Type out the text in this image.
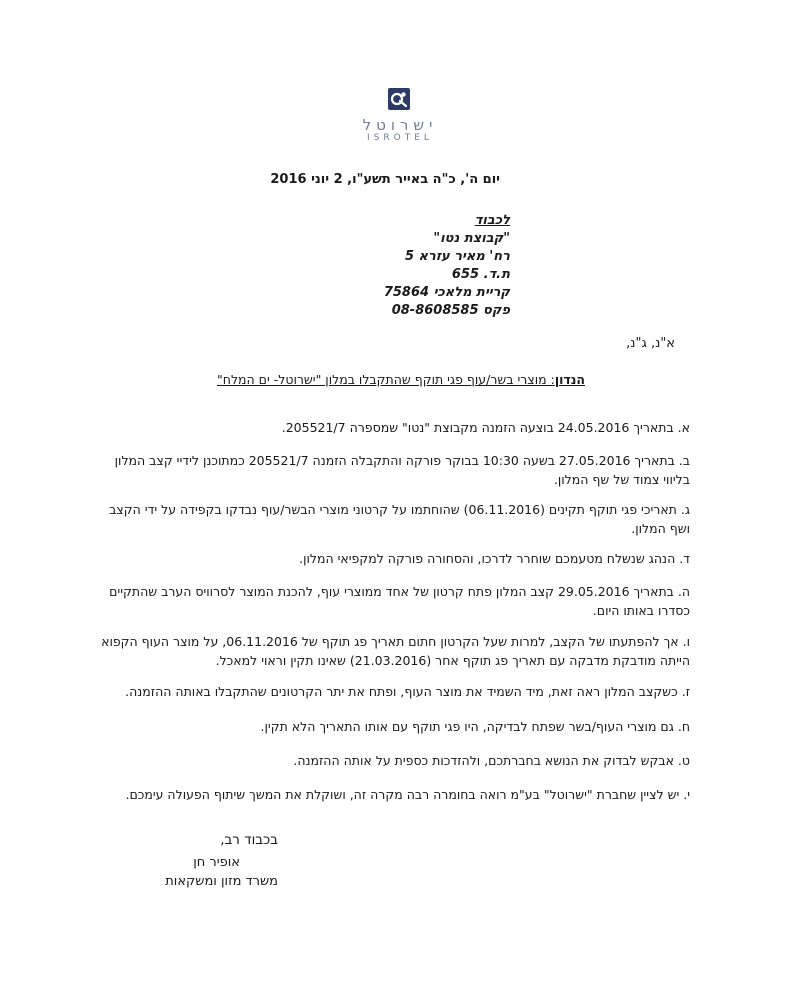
ישרוטל
ISROTEL
יום ה', כ"ה באייר תשע"ו, 2 יוני 2016
לכבוד
"קבוצת נטו"
רח' מאיר עזרא 5
ת.ד. 655
קריית מלאכי 75864
פקס 08-8608585
א"נ, ג"נ,
הנדון: מוצרי בשר/עוף פגי תוקף שהתקבלו במלון "ישרוטל- ים המלח"
א. בתאריך 24.05.2016 בוצעה הזמנה מקבוצת "נטו" שמספרה 205521/7.
ב. בתאריך 27.05.2016 בשעה 10:30 בבוקר פורקה והתקבלה הזמנה 205521/7 כמתוכנן לידיי קצב המלון בליווי צמוד של שף המלון.
ג. תאריכי פגי תוקף תקינים (06.11.2016) שהוחתמו על קרטוני מוצרי הבשר/עוף נבדקו בקפידה על ידי הקצב ושף המלון.
ד. הנהג שנשלח מטעמכם שוחרר לדרכו, והסחורה פורקה למקפיאי המלון.
ה. בתאריך 29.05.2016 קצב המלון פתח קרטון של אחד ממוצרי עוף, להכנת המוצר לסרוויס הערב שהתקיים כסדרו באותו היום.
ו. אך להפתעתו של הקצב, למרות שעל הקרטון חתום תאריך פג תוקף של 06.11.2016, על מוצר העוף הקפוא הייתה מודבקת מדבקה עם תאריך פג תוקף אחר (21.03.2016) שאינו תקין וראוי למאכל.
ז. כשקצב המלון ראה זאת, מיד השמיד את מוצר העוף, ופתח את יתר הקרטונים שהתקבלו באותה ההזמנה.
ח. גם מוצרי העוף/בשר שפתח לבדיקה, היו פגי תוקף עם אותו התאריך הלא תקין.
ט. אבקש לבדוק את הנושא בחברתכם, ולהזדכות כספית על אותה ההזמנה.
י. יש לציין שחברת "ישרוטל" בע"מ רואה בחומרה רבה מקרה זה, ושוקלת את המשך שיתוף הפעולה עימכם.
בכבוד רב,
אופיר חן
משרד מזון ומשקאות
